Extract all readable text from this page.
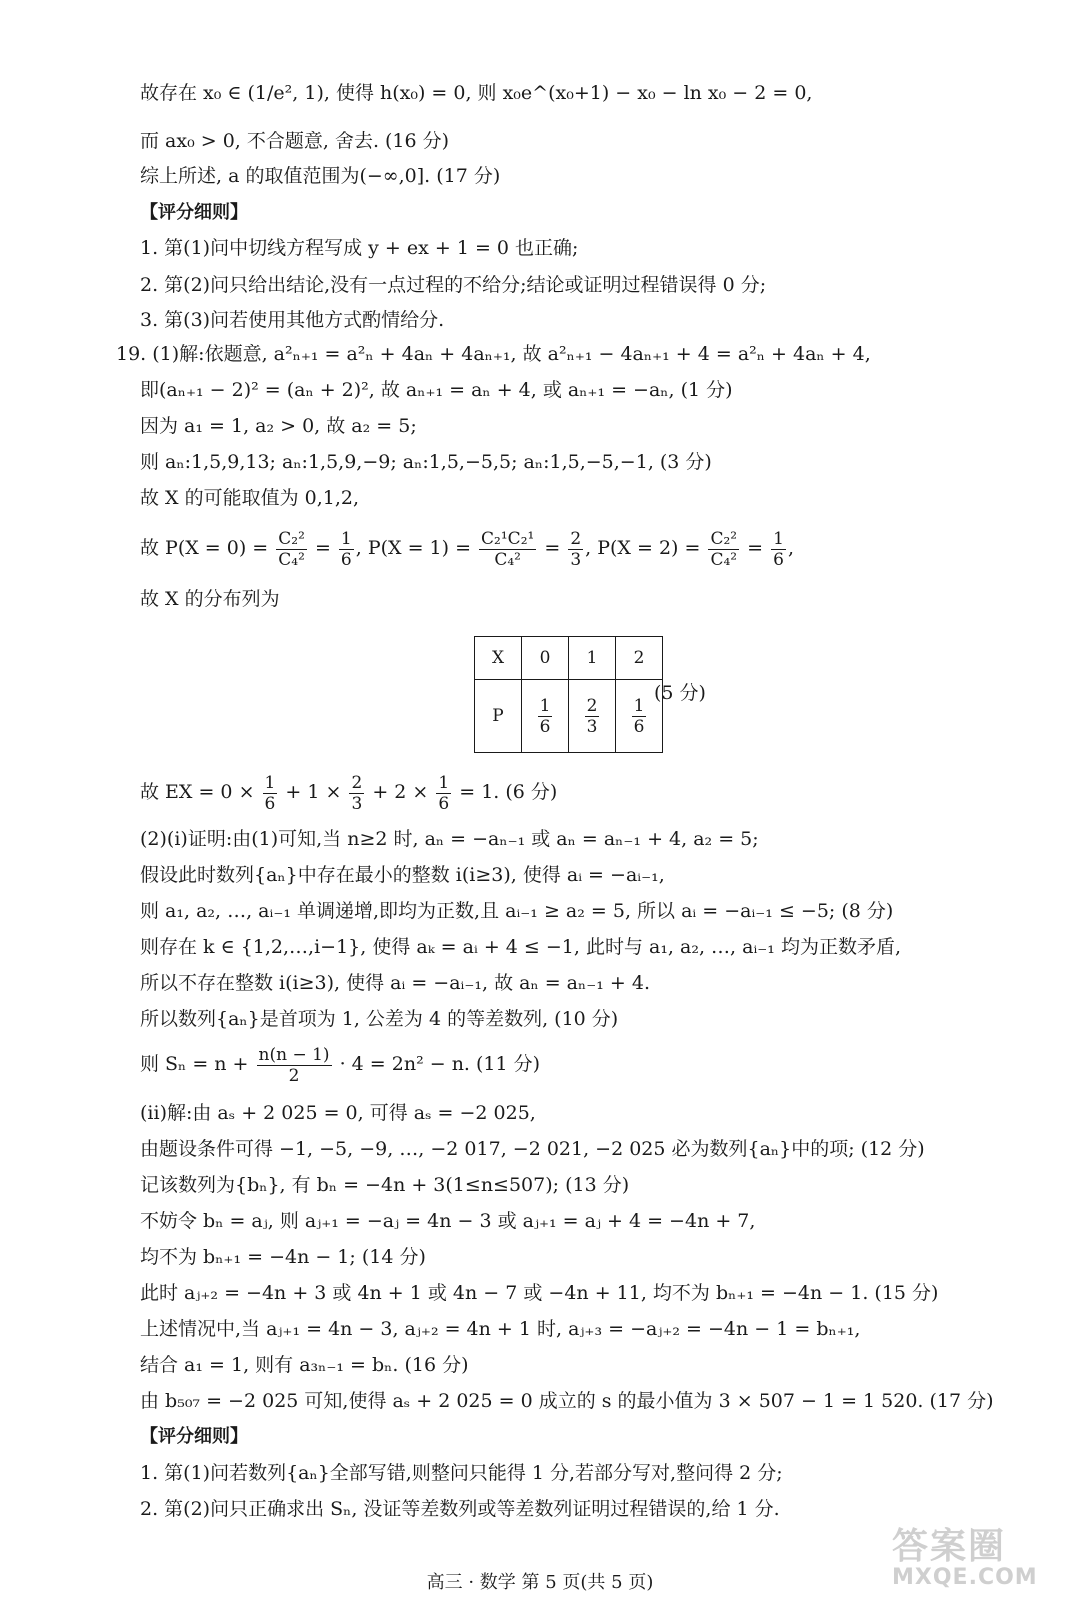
故存在 x₀ ∈ (1/e², 1), 使得 h(x₀) = 0, 则 x₀e^(x₀+1) − x₀ − ln x₀ − 2 = 0,
而 ax₀ > 0, 不合题意, 舍去. (16 分)
综上所述, a 的取值范围为(−∞,0]. (17 分)
【评分细则】
1. 第(1)问中切线方程写成 y + ex + 1 = 0 也正确;
2. 第(2)问只给出结论,没有一点过程的不给分;结论或证明过程错误得 0 分;
3. 第(3)问若使用其他方式酌情给分.
19. (1)解:依题意, a²ₙ₊₁ = a²ₙ + 4aₙ + 4aₙ₊₁, 故 a²ₙ₊₁ − 4aₙ₊₁ + 4 = a²ₙ + 4aₙ + 4,
即(aₙ₊₁ − 2)² = (aₙ + 2)², 故 aₙ₊₁ = aₙ + 4, 或 aₙ₊₁ = −aₙ, (1 分)
因为 a₁ = 1, a₂ > 0, 故 a₂ = 5;
则 aₙ:1,5,9,13; aₙ:1,5,9,−9; aₙ:1,5,−5,5; aₙ:1,5,−5,−1, (3 分)
故 X 的可能取值为 0,1,2,
故 $P(X = 0) = \frac{\text{C₂²}}{\text{C₄²}} = \frac{1}{6}$ , $P(X = 1) = \frac{\text{C₂¹C₂¹}}{\text{C₄²}} = \frac{2}{3}$ , $P(X = 2) = \frac{\text{C₂²}}{\text{C₄²}} = \frac{1}{6}$ ,
故 X 的分布列为
X	0	1	2
P	$\frac{1}{6}$	$\frac{2}{3}$	$\frac{1}{6}$
(5 分)
故 EX = $0 \times \frac{1}{6} + 1 \times \frac{2}{3} + 2 \times \frac{1}{6} = 1$. (6 分)
(2)(i)证明:由(1)可知,当 n≥2 时, aₙ = −aₙ₋₁ 或 aₙ = aₙ₋₁ + 4, a₂ = 5;
假设此时数列{aₙ}中存在最小的整数 i(i≥3), 使得 aᵢ = −aᵢ₋₁,
则 a₁, a₂, …, aᵢ₋₁ 单调递增,即均为正数,且 aᵢ₋₁ ≥ a₂ = 5, 所以 aᵢ = −aᵢ₋₁ ≤ −5; (8 分)
则存在 k ∈ {1,2,…,i−1}, 使得 aₖ = aᵢ + 4 ≤ −1, 此时与 a₁, a₂, …, aᵢ₋₁ 均为正数矛盾,
所以不存在整数 i(i≥3), 使得 aᵢ = −aᵢ₋₁, 故 aₙ = aₙ₋₁ + 4.
所以数列{aₙ}是首项为 1, 公差为 4 的等差数列, (10 分)
则 $S_n = n + \frac{n(n - 1)}{2} \cdot 4 = 2n^2 - n$. (11 分)
(ii)解:由 aₛ + 2 025 = 0, 可得 aₛ = −2 025,
由题设条件可得 −1, −5, −9, …, −2 017, −2 021, −2 025 必为数列{aₙ}中的项; (12 分)
记该数列为{bₙ}, 有 bₙ = −4n + 3(1≤n≤507); (13 分)
不妨令 bₙ = aⱼ, 则 aⱼ₊₁ = −aⱼ = 4n − 3 或 aⱼ₊₁ = aⱼ + 4 = −4n + 7,
均不为 bₙ₊₁ = −4n − 1; (14 分)
此时 aⱼ₊₂ = −4n + 3 或 4n + 1 或 4n − 7 或 −4n + 11, 均不为 bₙ₊₁ = −4n − 1. (15 分)
上述情况中,当 aⱼ₊₁ = 4n − 3, aⱼ₊₂ = 4n + 1 时, aⱼ₊₃ = −aⱼ₊₂ = −4n − 1 = bₙ₊₁,
结合 a₁ = 1, 则有 a₃ₙ₋₁ = bₙ. (16 分)
由 b₅₀₇ = −2 025 可知,使得 aₛ + 2 025 = 0 成立的 s 的最小值为 3 × 507 − 1 = 1 520. (17 分)
【评分细则】
1. 第(1)问若数列{aₙ}全部写错,则整问只能得 1 分,若部分写对,整问得 2 分;
2. 第(2)问只正确求出 Sₙ, 没证等差数列或等差数列证明过程错误的,给 1 分.
答案圈
MXQE.COM
高三 · 数学 第 5 页(共 5 页)
